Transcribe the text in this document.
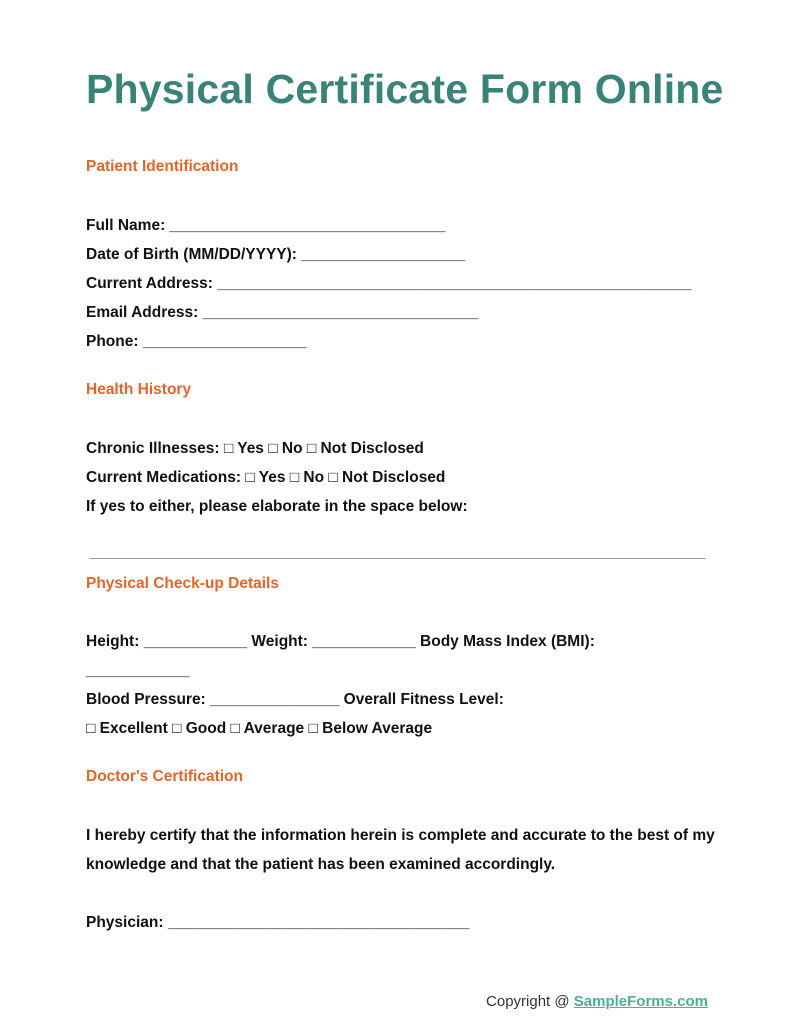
Physical Certificate Form Online
Patient Identification
Full Name: ________________________________
Date of Birth (MM/DD/YYYY): ___________________
Current Address: _______________________________________________________
Email Address: ________________________________
Phone: ___________________
Health History
Chronic Illnesses: □ Yes □ No □ Not Disclosed
Current Medications: □ Yes □ No □ Not Disclosed
If yes to either, please elaborate in the space below:
Physical Check-up Details
Height: ____________ Weight: ____________ Body Mass Index (BMI):
____________
Blood Pressure: _______________ Overall Fitness Level:
□ Excellent □ Good □ Average □ Below Average
Doctor's Certification
I hereby certify that the information herein is complete and accurate to the best of my knowledge and that the patient has been examined accordingly.
Physician: ___________________________________
Copyright @ SampleForms.com
